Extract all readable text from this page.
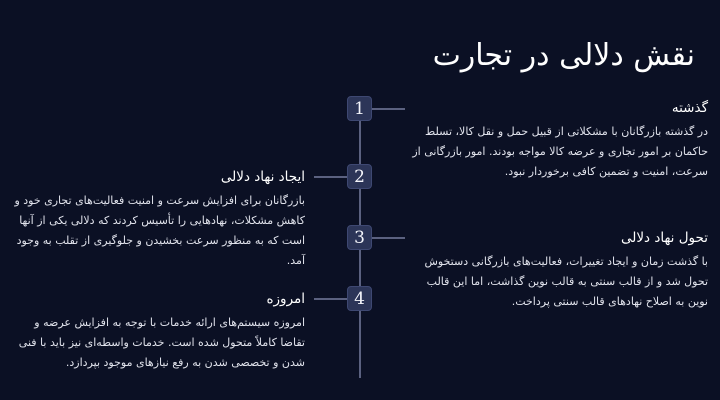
نقش دلالی در تجارت
1	گذشته
در گذشته بازرگانان با مشکلاتی از قبیل حمل و نقل کالا، تسلط حاکمان بر امور تجاری و عرضه کالا مواجه بودند. امور بازرگانی از سرعت، امنیت و تضمین کافی برخوردار نبود.
2
ایجاد نهاد دلالی
بازرگانان برای افزایش سرعت و امنیت فعالیت‌های تجاری خود و کاهش مشکلات، نهادهایی را تأسیس کردند که دلالی یکی از آنها است که به منظور سرعت بخشیدن و جلوگیری از تقلب به وجود آمد.
3	تحول نهاد دلالی
با گذشت زمان و ایجاد تغییرات، فعالیت‌های بازرگانی دستخوش تحول شد و از قالب سنتی به قالب نوین گذاشت، اما این قالب نوین به اصلاح نهادهای قالب سنتی پرداخت.
4
امروزه
امروزه سیستم‌های ارائه خدمات با توجه به افزایش عرضه و تقاضا کاملاً متحول شده است. خدمات واسطه‌ای نیز باید با فنی شدن و تخصصی شدن به رفع نیازهای موجود بپردازد.
